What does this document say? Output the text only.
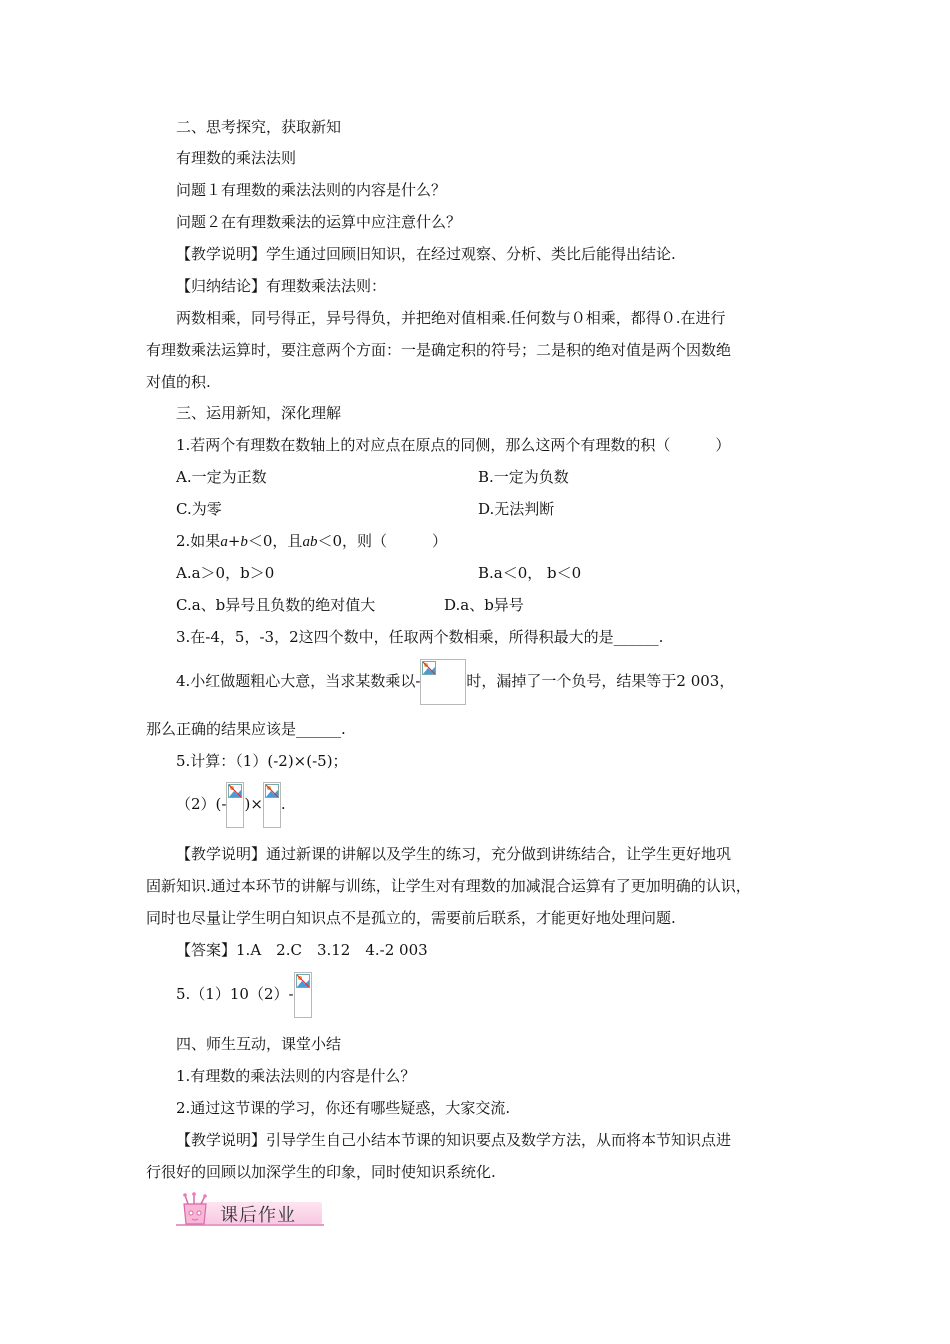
二、思考探究，获取新知
有理数的乘法法则
问题１有理数的乘法法则的内容是什么？
问题２在有理数乘法的运算中应注意什么？
【教学说明】学生通过回顾旧知识，在经过观察、分析、类比后能得出结论.
【归纳结论】有理数乘法法则：
两数相乘，同号得正，异号得负，并把绝对值相乘.任何数与０相乘，都得０.在进行
有理数乘法运算时，要注意两个方面：一是确定积的符号；二是积的绝对值是两个因数绝
对值的积.
三、运用新知，深化理解
1.若两个有理数在数轴上的对应点在原点的同侧，那么这两个有理数的积（　　　）
A.一定为正数	B.一定为负数
C.为零	D.无法判断
2.如果a+b＜0，且ab＜0，则（　　　）
A.a＞0，b＞0	B.a＜0， b＜0
C.a、b异号且负数的绝对值大	D.a、b异号
3.在-4，5，-3，2这四个数中，任取两个数相乘，所得积最大的是______.
4.小红做题粗心大意，当求某数乘以-	时，漏掉了一个负号，结果等于2 003，
那么正确的结果应该是______.
5.计算：（1）(-2)×(-5)；
（2）(- )× .
【教学说明】通过新课的讲解以及学生的练习，充分做到讲练结合，让学生更好地巩
固新知识.通过本环节的讲解与训练，让学生对有理数的加减混合运算有了更加明确的认识，
同时也尽量让学生明白知识点不是孤立的，需要前后联系，才能更好地处理问题.
【答案】1.A　2.C　3.12　4.-2 003
5.（1）10（2）-
四、师生互动，课堂小结
1.有理数的乘法法则的内容是什么？
2.通过这节课的学习，你还有哪些疑惑，大家交流.
【教学说明】引导学生自己小结本节课的知识要点及数学方法，从而将本节知识点进
行很好的回顾以加深学生的印象，同时使知识系统化.
课后作业
